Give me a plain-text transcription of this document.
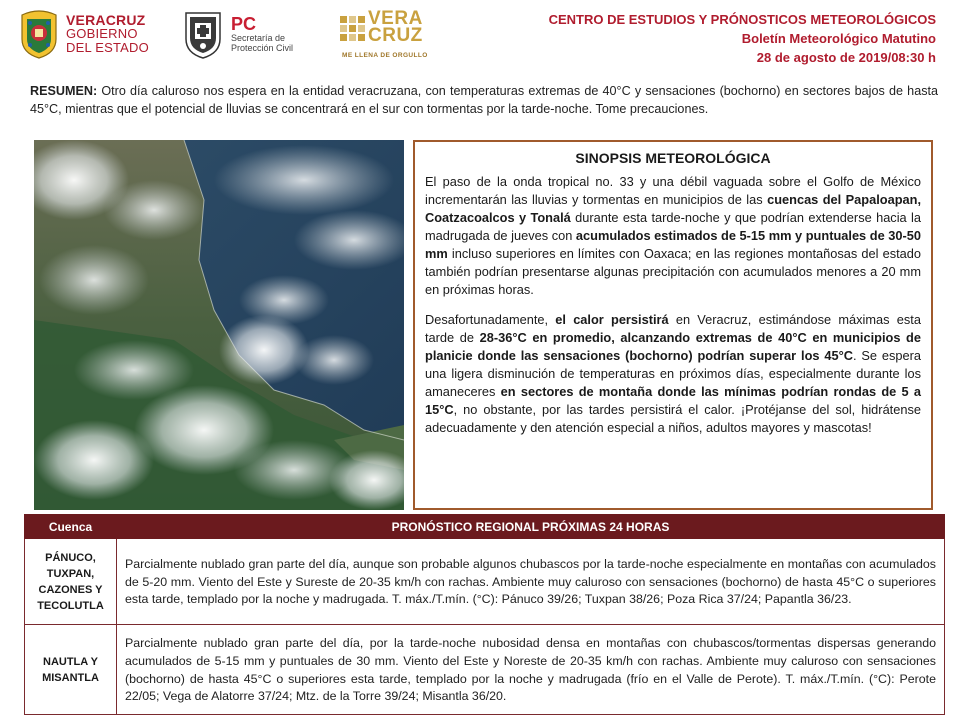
VERACRUZ
GOBIERNO
DEL ESTADO
PC
Secretaría de
Protección Civil
VERA
CRUZ
ME LLENA DE ORGULLO
CENTRO DE ESTUDIOS Y PRÓNOSTICOS METEOROLÓGICOS
Boletín Meteorológico Matutino
28 de agosto de 2019/08:30 h

RESUMEN: Otro día caluroso nos espera en la entidad veracruzana, con temperaturas extremas de 40°C y sensaciones (bochorno) en sectores bajos de hasta 45°C, mientras que el potencial de lluvias se concentrará en el sur con tormentas por la tarde-noche. Tome precauciones.

SINOPSIS METEOROLÓGICA

El paso de la onda tropical no. 33 y una débil vaguada sobre el Golfo de México incrementarán las lluvias y tormentas en municipios de las cuencas del Papaloapan, Coatzacoalcos y Tonalá durante esta tarde-noche y que podrían extenderse hacia la madrugada de jueves con acumulados estimados de 5-15 mm y puntuales de 30-50 mm incluso superiores en límites con Oaxaca; en las regiones montañosas del estado también podrían presentarse algunas precipitación con acumulados menores a 20 mm en próximas horas.

Desafortunadamente, el calor persistirá en Veracruz, estimándose máximas esta tarde de 28-36°C en promedio, alcanzando extremas de 40°C en municipios de planicie donde las sensaciones (bochorno) podrían superar los 45°C. Se espera una ligera disminución de temperaturas en próximos días, especialmente durante los amaneceres en sectores de montaña donde las mínimas podrían rondas de 5 a 15°C, no obstante, por las tardes persistirá el calor. ¡Protéjanse del sol, hidrátense adecuadamente y den atención especial a niños, adultos mayores y mascotas!

Cuenca	PRONÓSTICO REGIONAL PRÓXIMAS 24 HORAS
PÁNUCO, TUXPAN, CAZONES Y TECOLUTLA	Parcialmente nublado gran parte del día, aunque son probable algunos chubascos por la tarde-noche especialmente en montañas con acumulados de 5-20 mm. Viento del Este y Sureste de 20-35 km/h con rachas. Ambiente muy caluroso con sensaciones (bochorno) de hasta 45°C o superiores esta tarde, templado por la noche y madrugada. T. máx./T.mín. (°C): Pánuco 39/26; Tuxpan 38/26; Poza Rica 37/24; Papantla 36/23.
NAUTLA Y MISANTLA	Parcialmente nublado gran parte del día, por la tarde-noche nubosidad densa en montañas con chubascos/tormentas dispersas generando acumulados de 5-15 mm y puntuales de 30 mm. Viento del Este y Noreste de 20-35 km/h con rachas. Ambiente muy caluroso con sensaciones (bochorno) de hasta 45°C o superiores esta tarde, templado por la noche y madrugada (frío en el Valle de Perote). T. máx./T.mín. (°C): Perote 22/05; Vega de Alatorre 37/24; Mtz. de la Torre 39/24; Misantla 36/20.
